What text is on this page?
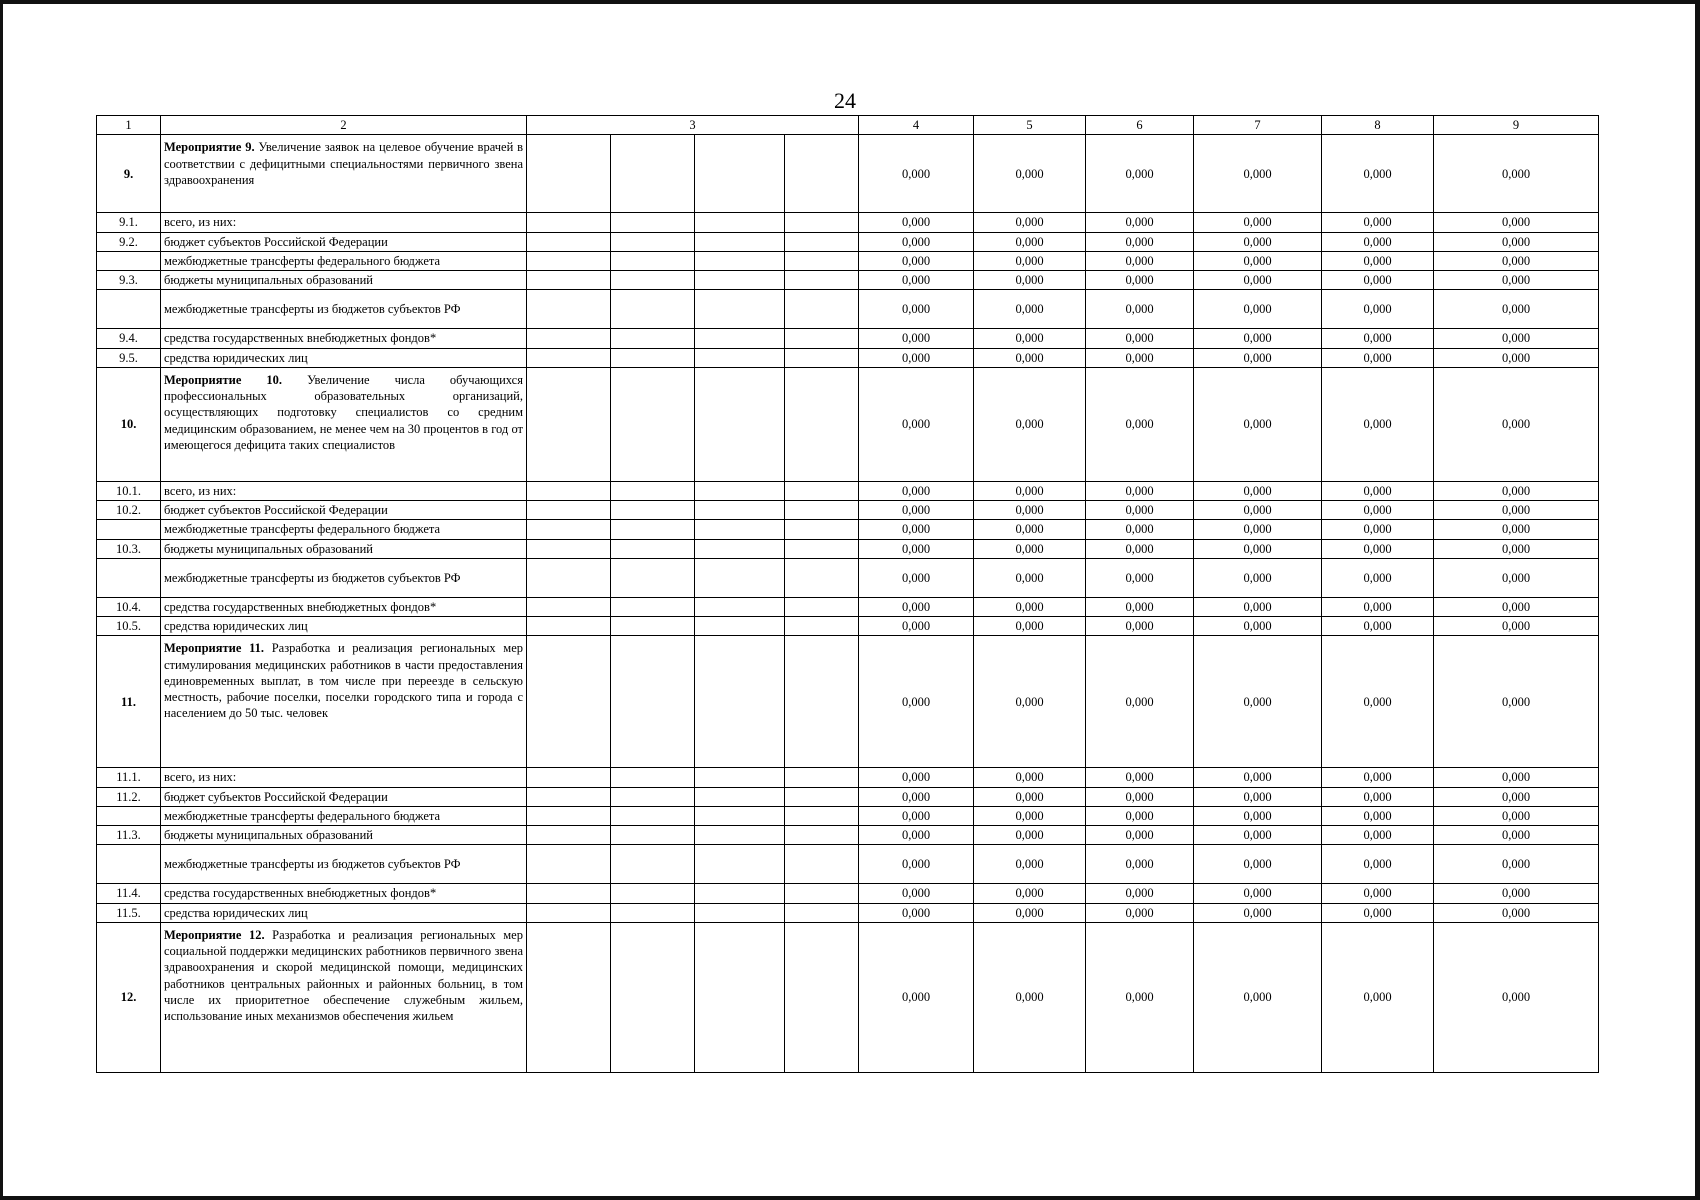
24
1	2	3				4	5	6	7	8	9
9.	Мероприятие 9. Увеличение заявок на целевое обучение врачей в соответствии с дефицитными специальностями первичного звена здравоохранения					0,000	0,000	0,000	0,000	0,000	0,000
9.1.	всего, из них:					0,000	0,000	0,000	0,000	0,000	0,000
9.2.	бюджет субъектов Российской Федерации					0,000	0,000	0,000	0,000	0,000	0,000
	межбюджетные трансферты федерального бюджета					0,000	0,000	0,000	0,000	0,000	0,000
9.3.	бюджеты муниципальных образований					0,000	0,000	0,000	0,000	0,000	0,000
	межбюджетные трансферты из бюджетов субъектов РФ					0,000	0,000	0,000	0,000	0,000	0,000
9.4.	средства государственных внебюджетных фондов*					0,000	0,000	0,000	0,000	0,000	0,000
9.5.	средства юридических лиц					0,000	0,000	0,000	0,000	0,000	0,000
10.	Мероприятие 10. Увеличение числа обучающихся профессиональных образовательных организаций, осуществляющих подготовку специалистов со средним медицинским образованием, не менее чем на 30 процентов в год от имеющегося дефицита таких специалистов					0,000	0,000	0,000	0,000	0,000	0,000
10.1.	всего, из них:					0,000	0,000	0,000	0,000	0,000	0,000
10.2.	бюджет субъектов Российской Федерации					0,000	0,000	0,000	0,000	0,000	0,000
	межбюджетные трансферты федерального бюджета					0,000	0,000	0,000	0,000	0,000	0,000
10.3.	бюджеты муниципальных образований					0,000	0,000	0,000	0,000	0,000	0,000
	межбюджетные трансферты из бюджетов субъектов РФ					0,000	0,000	0,000	0,000	0,000	0,000
10.4.	средства государственных внебюджетных фондов*					0,000	0,000	0,000	0,000	0,000	0,000
10.5.	средства юридических лиц					0,000	0,000	0,000	0,000	0,000	0,000
11.	Мероприятие 11. Разработка и реализация региональных мер стимулирования медицинских работников в части предоставления единовременных выплат, в том числе при переезде в сельскую местность, рабочие поселки, поселки городского типа и города с населением до 50 тыс. человек					0,000	0,000	0,000	0,000	0,000	0,000
11.1.	всего, из них:					0,000	0,000	0,000	0,000	0,000	0,000
11.2.	бюджет субъектов Российской Федерации					0,000	0,000	0,000	0,000	0,000	0,000
	межбюджетные трансферты федерального бюджета					0,000	0,000	0,000	0,000	0,000	0,000
11.3.	бюджеты муниципальных образований					0,000	0,000	0,000	0,000	0,000	0,000
	межбюджетные трансферты из бюджетов субъектов РФ					0,000	0,000	0,000	0,000	0,000	0,000
11.4.	средства государственных внебюджетных фондов*					0,000	0,000	0,000	0,000	0,000	0,000
11.5.	средства юридических лиц					0,000	0,000	0,000	0,000	0,000	0,000
12.	Мероприятие 12. Разработка и реализация региональных мер социальной поддержки медицинских работников первичного звена здравоохранения и скорой медицинской помощи, медицинских работников центральных районных и районных больниц, в том числе их приоритетное обеспечение служебным жильем, использование иных механизмов обеспечения жильем					0,000	0,000	0,000	0,000	0,000	0,000
